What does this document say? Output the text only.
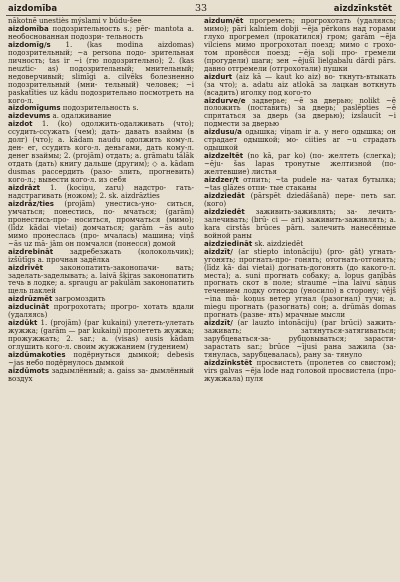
aizdomība	33	aizdzīnkstēt

nākotnē unestiès mýslami v búdu-šee

aizdomība подозрительность s.; pēr- mantota a. необоснованная подозри- тельность

aizdomīg/s 1. (kas modina aizdomas) подозрительный; ~a persona подо- зрительная личность; tas ir ~i (гю подозрительно); 2. (kas neuztic- as) подозрительный; мнительный; недоверчивый; slimīgi a. cilvēks болезненно подозрительный (мни- тельный) человек; ~i paskatīties uz kādu подозрительно посмотреть на кого-л.

aizdomīgums подозрительность s.

aizdevums а. одалживание

aizdot 1. (ko) одолжить-одалживать (что); ссудить-ссужать (чем); дать- давать взаймы (в долг) (что); a. kādam naudu одолжить кому-л. ден- ег, ссудить кого-л. деньгами, дать кому-л. денег взаймы; 2. (projām) отдать; a. grāmatu tālāk отдать (дать) книгу дальше (другим); ◇ a. kādam dusmas рассердить (разо- злить, прогневить) кого-л.; вывести кого-л. из себя

aizdrāzt 1. (kociņu, zaru) надстро- гать-надстрагивать (ножом); 2. sk. aizdrāzties

aizdrāz/ties (projām) унестись-уно- ситься, умчаться; понестись, по- мчаться; (garām) пронестись-про- носиться, промчаться (мимо); (līdz kādai vietai) домчаться; garām ~ās auto мимо пронеслась (про- мчалась) машина; viņš ~ās uz mā- jām он помчался (понесся) домой

aizdrebināt задребезжать (колокольчик); izšūtīgs a. прочная задёлка

aizdrīvēt законопатить-законопачи- вать; заделать-заделывать; a. laivā šķiras законопатить течь в лодке; a. spraugu ar pakulām законопатить щель паклей

aizdrūzmēt загромоздить

aizducināt прогрохотать; прогро- хотать вдали (удаляясь)

aizdūkt 1. (projām) (par kukaiņi) улететь-улетать жужжа; (garām — par kukaiņi) пролететь жужжа; прожужжать; 2. sar.; a. (visas) ausis kādam оглушить кого-л. своим жужжанием (гудением)

aizdūmakoties подёрнуться дымкой; debesis ~jas небо подёрнулось дымкой

aizdūmots задымлённый; a. gaiss за- дымлённый воздух

aizdum/ēt прогреметь; прогрохотать (удаляясь; мимо); pāri kalniem dobji ~ēja pērkons над горами глухо прогремел (прокатился) гром; garām ~ēja vilciens мимо прогрохотал поезд; мимо с грохо- том пронёсся поезд; ~ēja soļi про- гремели (прогудели) шаги; зен ~ējušī lielgabalu dārdi pārs. давно отгремели (отгрохотали) пушки

aizdurt (aiz kā — kaut ko aiz) во- ткнуть-втыкать (за что); a. adatu aiz atlokā за лацкан воткнуть (всадить) иголку под кого-то

aizdurve/e задверье; ~ē за дверью; nolikt ~ē положить (поставить) за дверь; paslēpties ~ē спрятаться за дверь (за дверью); izslaucīt ~i подмести за дверью

aizdusu/a одышка; viņam ir a. у него одышка; он страдает одышкой; мо- ciities ar ~u страдать одышкой

aizdzeltēt (no kā, par ko) (по- желтеть (слегка); ~ēju- šas lapas тронутые желтизной (по- желтевшие) листья

aizdzer/t отпить; ~ta pudele на- чатая бутылка; ~tas glāzes отпи- тые стаканы

aizdziedāt (pārspēt dziedāšanā) пере- петь sar. (кого)

aizdziedēt заживить-заживлять; за- лечить-залечивать; (brū- ci — ari) заживить-заживлять; a. kara cirstās brūces pārn. залечить нанесённые войной раны

aizdziedināt sk. aizdziedēt

aizdzīt/ (ar stiepto intonāciju) (pro- gāt) угнать-угонять; прогнать-про- гонять; отогнать-отгонять; (līdz kā- dai vietai) догнать-догонять (до какого-л. места); a. suni прогнать собаку; a. lopus ganībās прогнать скот в поле; straume ~ina laivu sāņus течением лодку относдо (уносило) в сторону; vējš ~ina mā- koņus ветер угнал (разогнал) тучи; a. miegu прогнать (разогнать) сон; a. drūmās domas прогнать (разве- ять) мрачные мысли

aizdzīt/ (ar lauzto intonāciju) (par brūci) зажить-заживать; затянуться-затягиваться; зарубцеваться-за- рубцовываться; зарасти-зарастать sar.; brūce ~ījusi рана зажила (за- тянулась, зарубцевалась), рану за- тянуло

aizdzīnkstēt просвистеть (пролетев со свистом); virs galvas ~ēja lode над головой просвистела (про- жужжала) пуля
